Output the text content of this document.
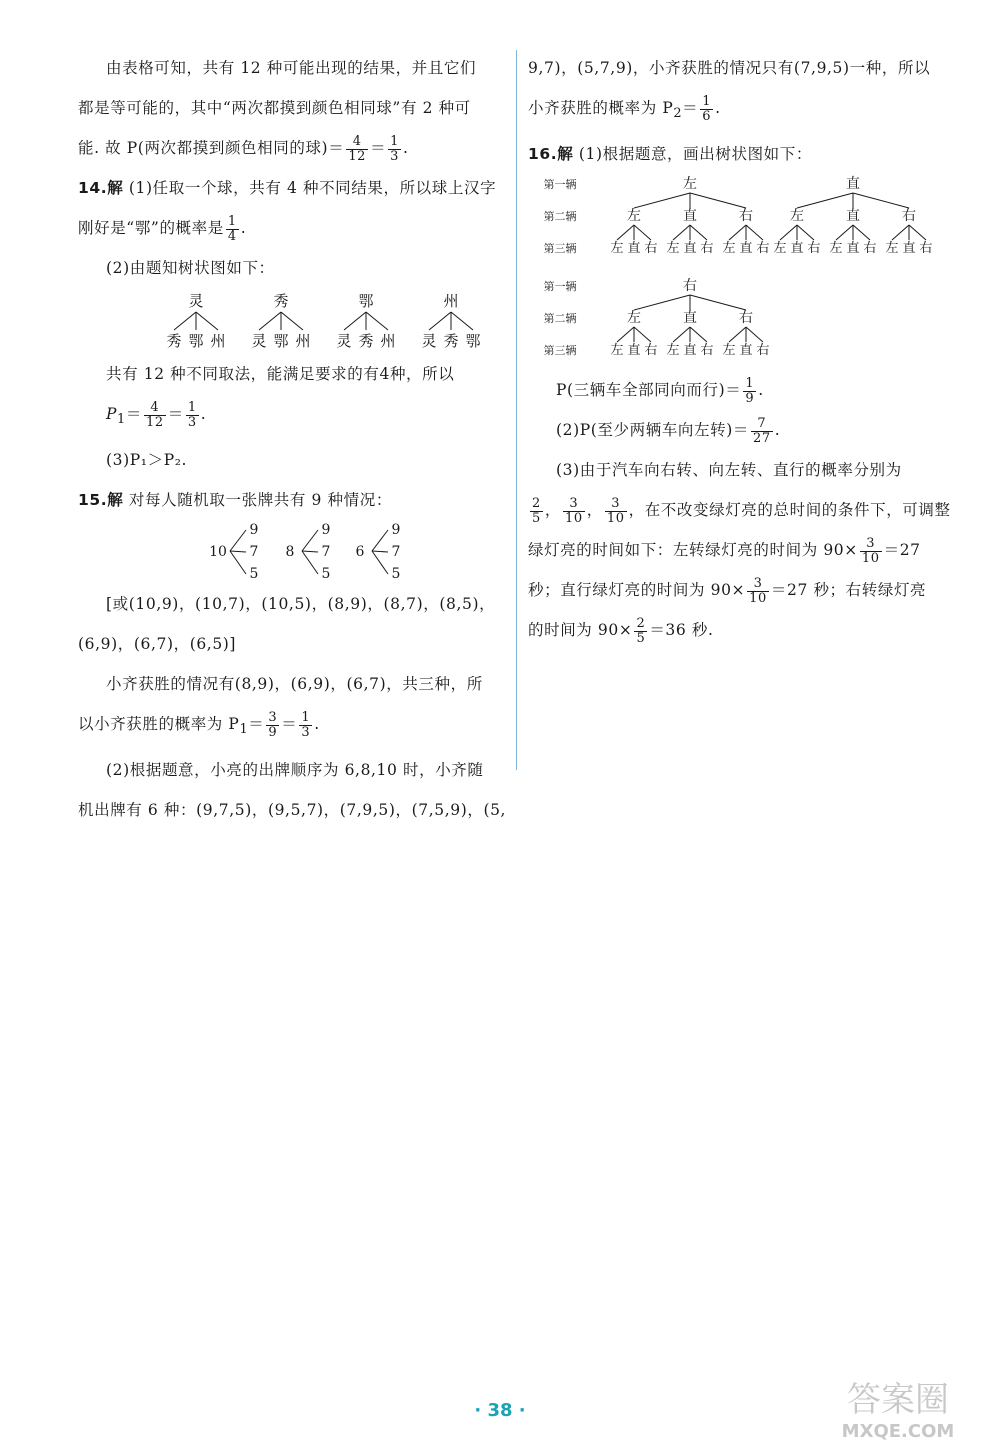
由表格可知，共有 12 种可能出现的结果，并且它们
都是等可能的，其中“两次都摸到颜色相同球”有 2 种可
能. 故 P(两次都摸到颜色相同的球)＝ $\frac{4}{12} = \frac{1}{3}$ .
14.解 (1)任取一个球，共有 4 种不同结果，所以球上汉字
刚好是“鄂”的概率是 $\frac{1}{4}$ .
(2)由题知树状图如下：
灵
秀 鄂 州
秀
灵 鄂 州
鄂
灵 秀 州
州
灵 秀 鄂
共有 12 种不同取法，能满足要求的有4种，所以
$P_1= \frac{4}{12} = \frac{1}{3}$ .
(3)P₁＞P₂.
15.解 对每人随机取一张牌共有 9 种情况：
10
9
7
5
8
9
7
5
6
9
7
5
[或(10,9)，(10,7)，(10,5)，(8,9)，(8,7)，(8,5)，
(6,9)，(6,7)，(6,5)]
小齐获胜的情况有(8,9)，(6,9)，(6,7)，共三种，所
以小齐获胜的概率为 $P_1= \frac{3}{9} = \frac{1}{3}$ .
(2)根据题意，小亮的出牌顺序为 6,8,10 时，小齐随
机出牌有 6 种：(9,7,5)，(9,5,7)，(7,9,5)，(7,5,9)，(5,
9,7)，(5,7,9)，小齐获胜的情况只有(7,9,5)一种，所以
小齐获胜的概率为 $P_2= \frac{1}{6}$ .
16.解 (1)根据题意，画出树状图如下：
第一辆
第二辆
第三辆
左
左
左 直 右
直
左 直 右
右
左 直 右
直
左
左 直 右
直
左 直 右
右
左 直 右
第一辆
第二辆
第三辆
右
左
左 直 右
直
左 直 右
右
左 直 右
P(三辆车全部同向而行)＝ $\frac{1}{9}$ .
(2)P(至少两辆车向左转)＝ $\frac{7}{27}$ .
(3)由于汽车向右转、向左转、直行的概率分别为
$\frac{2}{5}$ ， $\frac{3}{10}$ ， $\frac{3}{10}$ ，在不改变绿灯亮的总时间的条件下，可调整
绿灯亮的时间如下：左转绿灯亮的时间为 $90\times \frac{3}{10} =27$
秒；直行绿灯亮的时间为 $90\times \frac{3}{10} =27$ 秒；右转绿灯亮
的时间为 $90\times \frac{2}{5} =36$ 秒.
· 38 ·	答案圈
MXQE.COM
